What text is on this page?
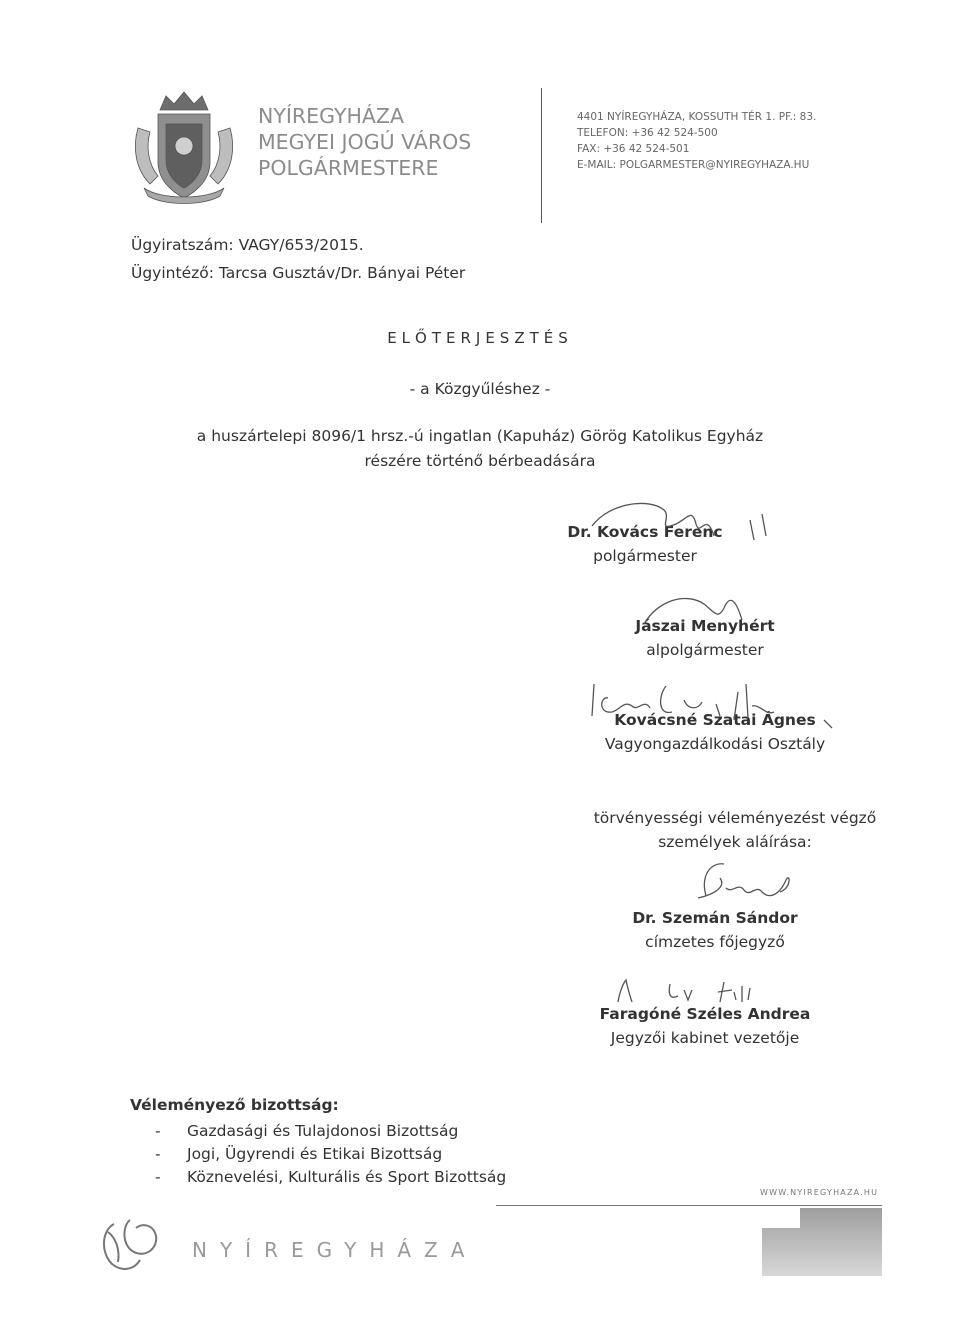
NYÍREGYHÁZA
MEGYEI JOGÚ VÁROS
POLGÁRMESTERE
4401 NYÍREGYHÁZA, KOSSUTH TÉR 1. PF.: 83.
TELEFON: +36 42 524-500
FAX: +36 42 524-501
E-MAIL: POLGARMESTER@NYIREGYHAZA.HU
Ügyiratszám: VAGY/653/2015.
Ügyintéző: Tarcsa Gusztáv/Dr. Bányai Péter
ELŐTERJESZTÉS
- a Közgyűléshez -
a huszártelepi 8096/1 hrsz.-ú ingatlan (Kapuház) Görög Katolikus Egyház
részére történő bérbeadására
Dr. Kovács Ferenc
polgármester
Jászai Menyhért
alpolgármester
Kovácsné Szatai Ágnes
Vagyongazdálkodási Osztály
törvényességi véleményezést végző
személyek aláírása:
Dr. Szemán Sándor
címzetes főjegyző
Faragóné Széles Andrea
Jegyzői kabinet vezetője
Véleményező bizottság:
- Gazdasági és Tulajdonosi Bizottság
- Jogi, Ügyrendi és Etikai Bizottság
- Köznevelési, Kulturális és Sport Bizottság
WWW.NYIREGYHAZA.HU
NYÍREGYHÁZA
